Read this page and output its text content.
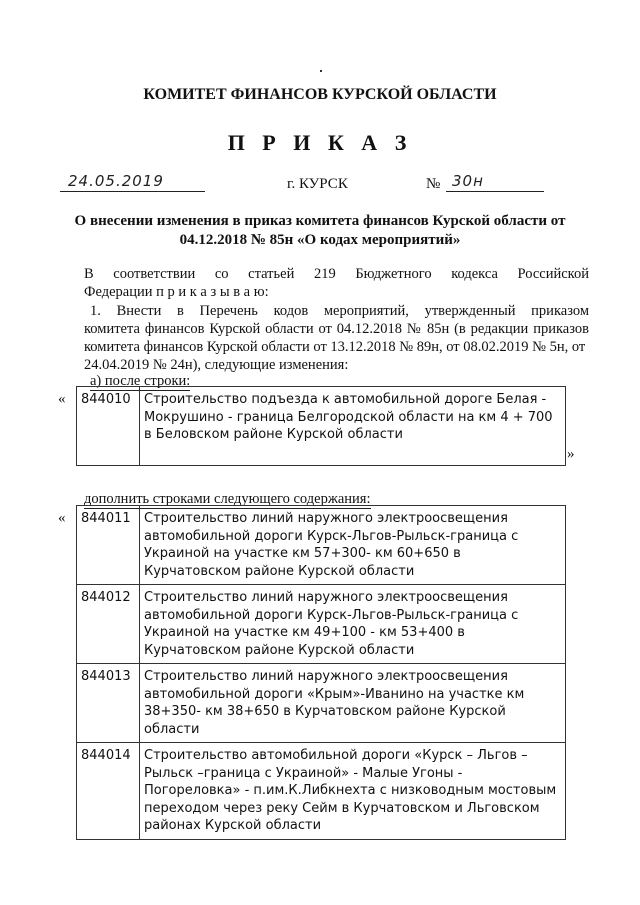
КОМИТЕТ ФИНАНСОВ КУРСКОЙ ОБЛАСТИ
П Р И К А З
24.05.2019	г. КУРСК	№ 30н
О внесении изменения в приказ комитета финансов Курской области от
04.12.2018 № 85н «О кодах мероприятий»
В соответствии со статьей 219 Бюджетного кодекса Российской
Федерации п р и к а з ы в а ю:
1. Внести в Перечень кодов мероприятий, утвержденный приказом
комитета финансов Курской области от 04.12.2018 № 85н (в редакции приказов комитета финансов Курской области от 13.12.2018 № 89н, от 08.02.2019 № 5н, от
24.04.2019 № 24н), следующие изменения:
а) после строки:
« 844010	Строительство подъезда к автомобильной дороге Белая - Мокрушино - граница Белгородской области на км 4 + 700 в Беловском районе Курской области
»
дополнить строками следующего содержания:
« 844011	Строительство линий наружного электроосвещения автомобильной дороги Курск-Льгов-Рыльск-граница с Украиной на участке км 57+300- км 60+650 в Курчатовском районе Курской области
844012	Строительство линий наружного электроосвещения автомобильной дороги Курск-Льгов-Рыльск-граница с Украиной на участке км 49+100 - км 53+400 в Курчатовском районе Курской области
844013	Строительство линий наружного электроосвещения автомобильной дороги «Крым»-Иванино на участке км 38+350- км 38+650 в Курчатовском районе Курской области
844014	Строительство автомобильной дороги «Курск – Льгов – Рыльск –граница с Украиной» - Малые Угоны - Погореловка» - п.им.К.Либкнехта с низководным мостовым переходом через реку Сейм в Курчатовском и Льговском районах Курской области
